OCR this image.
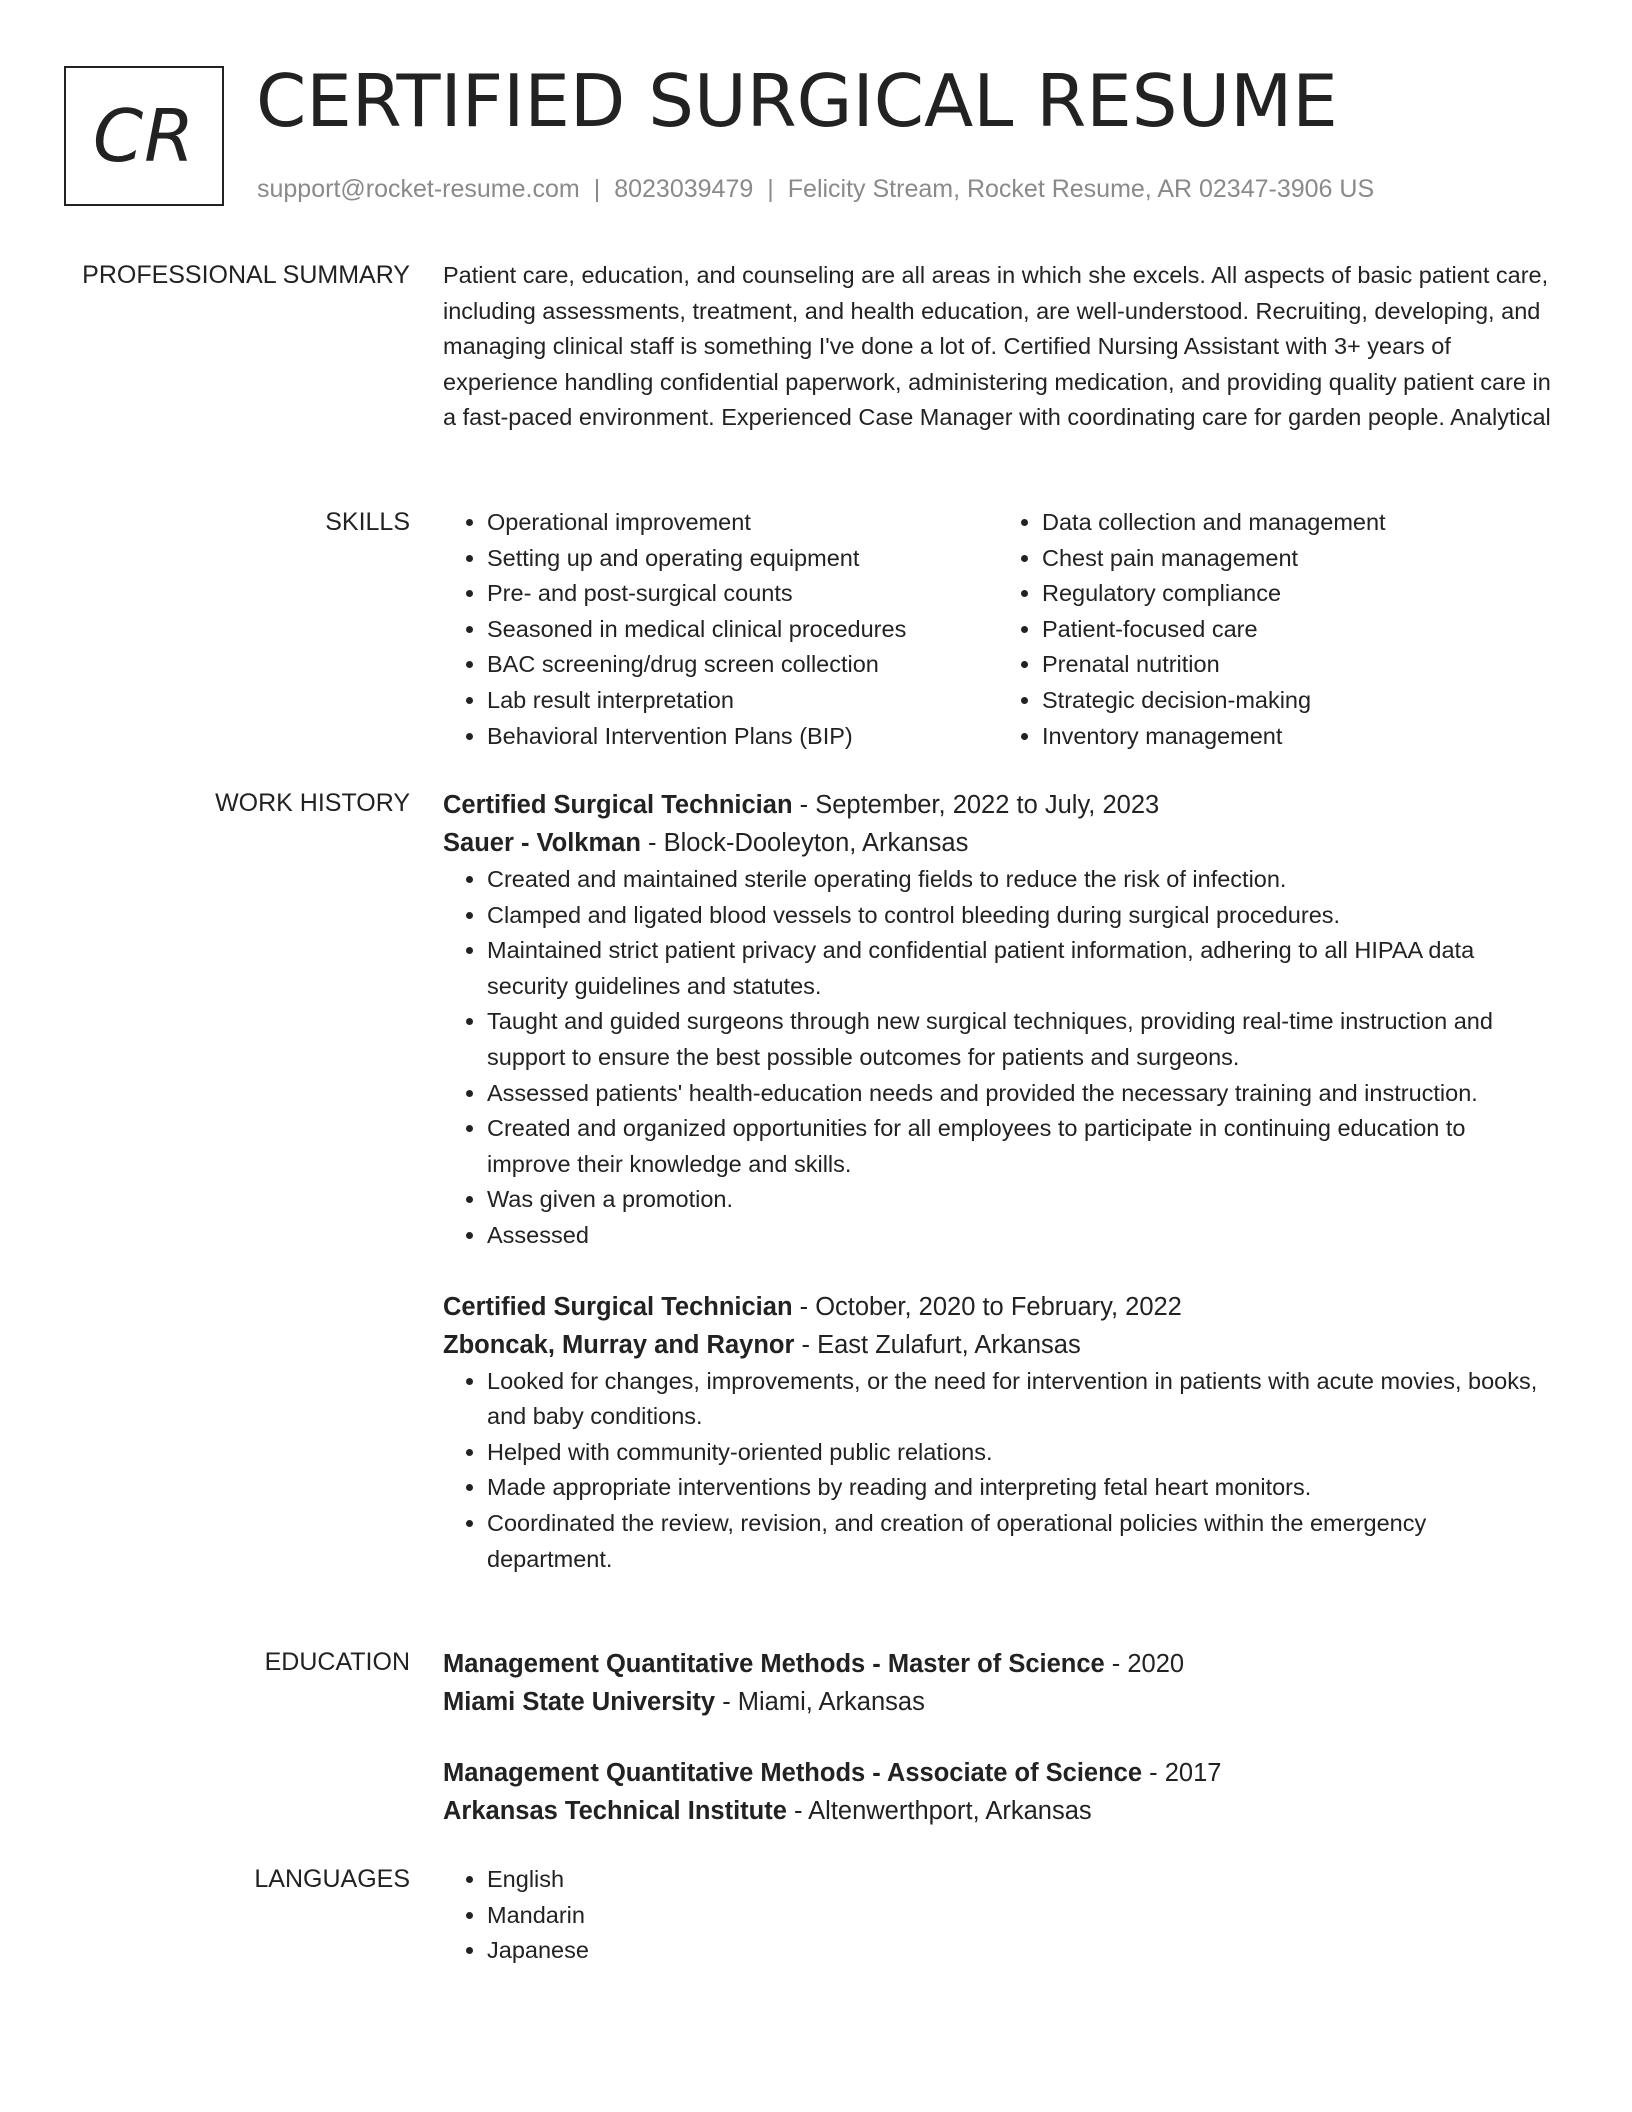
CR CERTIFIED SURGICAL RESUME
support@rocket-resume.com | 8023039479 | Felicity Stream, Rocket Resume, AR 02347-3906 US
PROFESSIONAL SUMMARY Patient care, education, and counseling are all areas in which she excels. All aspects of basic patient care, including assessments, treatment, and health education, are well-understood. Recruiting, developing, and managing clinical staff is something I've done a lot of. Certified Nursing Assistant with 3+ years of experience handling confidential paperwork, administering medication, and providing quality patient care in a fast-paced environment. Experienced Case Manager with coordinating care for garden people. Analytical

SKILLS	• Operational improvement
• Setting up and operating equipment
• Pre- and post-surgical counts
• Seasoned in medical clinical procedures
• BAC screening/drug screen collection
• Lab result interpretation
• Behavioral Intervention Plans (BIP)
• Data collection and management
• Chest pain management
• Regulatory compliance
• Patient-focused care
• Prenatal nutrition
• Strategic decision-making
• Inventory management
WORK HISTORY Certified Surgical Technician - September, 2022 to July, 2023
Sauer - Volkman - Block-Dooleyton, Arkansas
• Created and maintained sterile operating fields to reduce the risk of infection.
• Clamped and ligated blood vessels to control bleeding during surgical procedures.
• Maintained strict patient privacy and confidential patient information, adhering to all HIPAA data security guidelines and statutes.
• Taught and guided surgeons through new surgical techniques, providing real-time instruction and support to ensure the best possible outcomes for patients and surgeons.
• Assessed patients' health-education needs and provided the necessary training and instruction.
• Created and organized opportunities for all employees to participate in continuing education to improve their knowledge and skills.
• Was given a promotion.
• Assessed
Certified Surgical Technician - October, 2020 to February, 2022
Zboncak, Murray and Raynor - East Zulafurt, Arkansas
• Looked for changes, improvements, or the need for intervention in patients with acute movies, books, and baby conditions.
• Helped with community-oriented public relations.
• Made appropriate interventions by reading and interpreting fetal heart monitors.
• Coordinated the review, revision, and creation of operational policies within the emergency department.
EDUCATION Management Quantitative Methods - Master of Science - 2020
Miami State University - Miami, Arkansas
Management Quantitative Methods - Associate of Science - 2017
Arkansas Technical Institute - Altenwerthport, Arkansas
LANGUAGES	• English
• Mandarin
• Japanese
